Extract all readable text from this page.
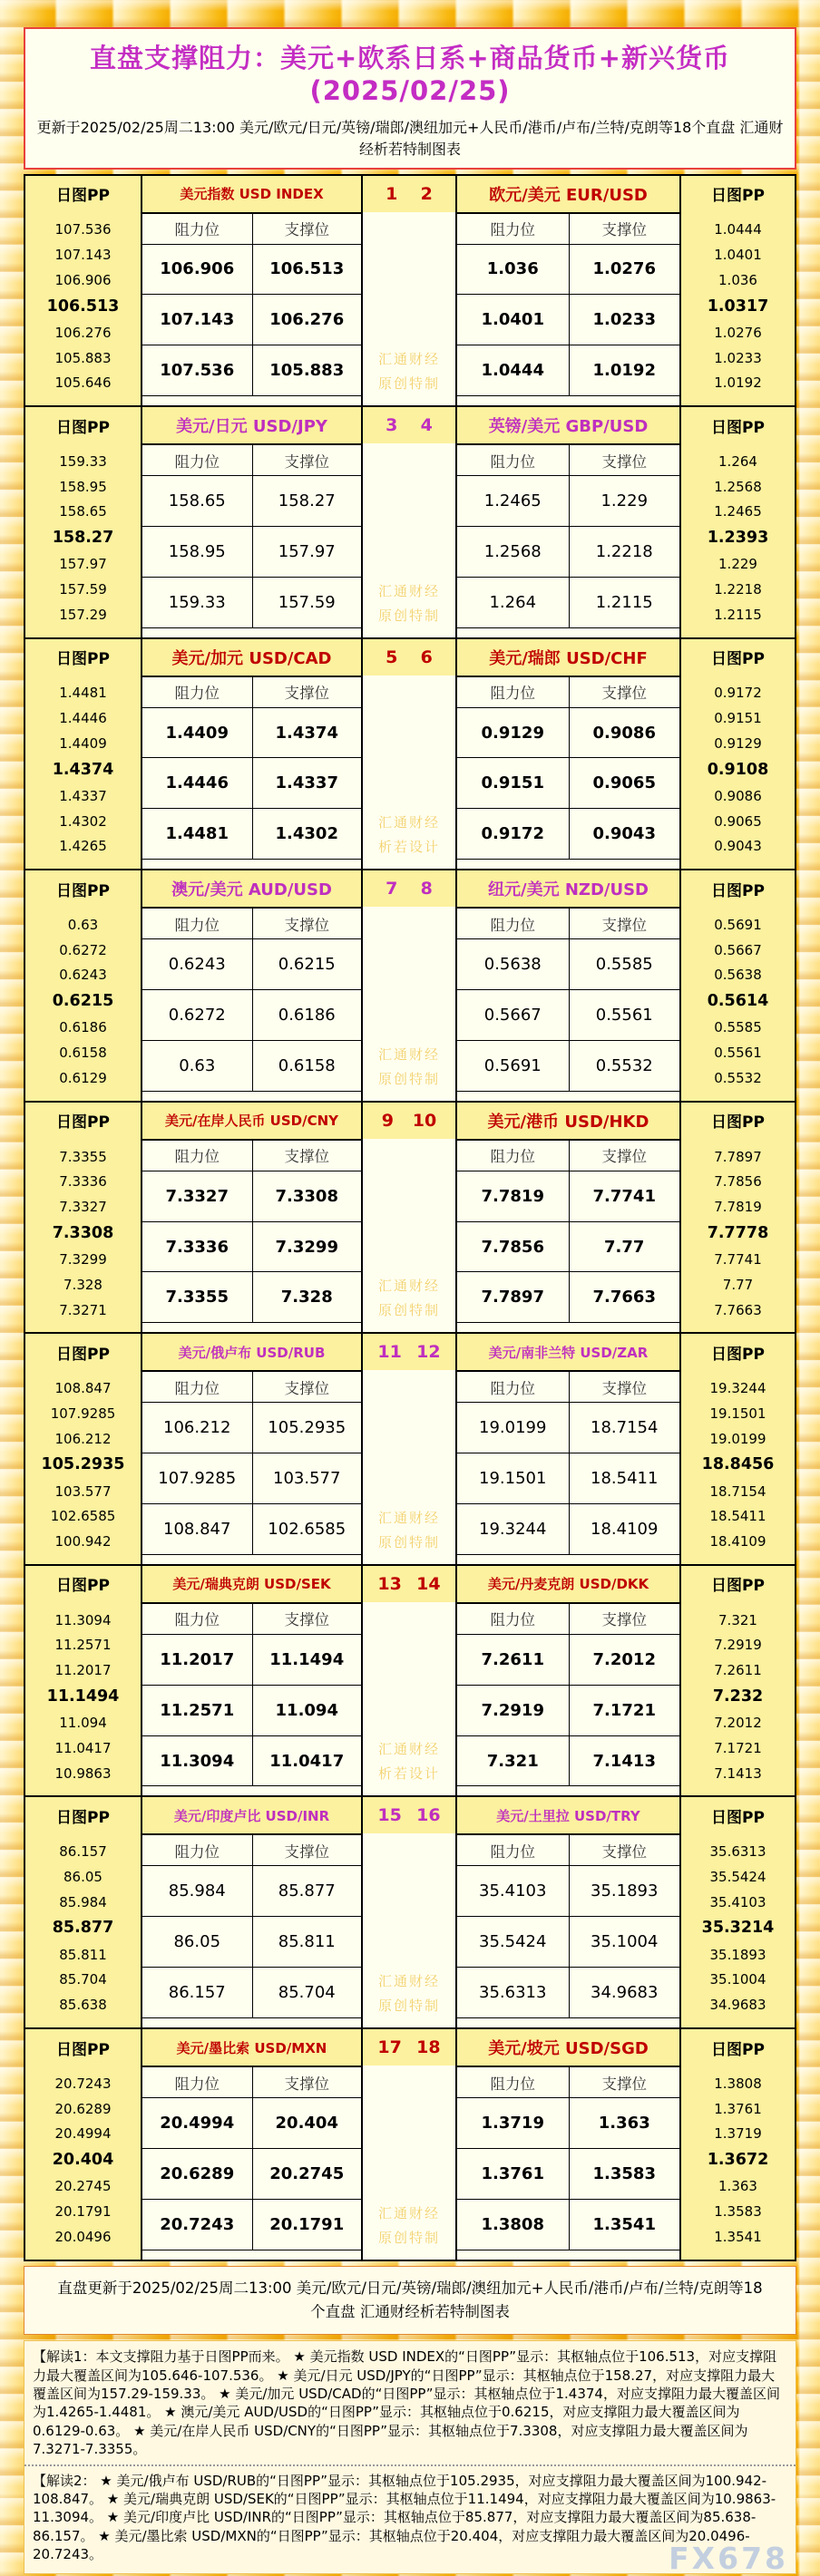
直盘支撑阻力：美元+欧系日系+商品货币+新兴货币(2025/02/25)
更新于2025/02/25周二13:00 美元/欧元/日元/英镑/瑞郎/澳纽加元+人民币/港币/卢布/兰特/克朗等18个直盘 汇通财经析若特制图表
日图PP
107.536
107.143
106.906
106.513
106.276
105.883
105.646
美元指数 USD INDEX
阻力位	支撑位
106.906	106.513
107.143	106.276
107.536	105.883
1 2
汇通财经
原创特制
欧元/美元 EUR/USD
阻力位	支撑位
1.036	1.0276
1.0401	1.0233
1.0444	1.0192
日图PP
1.0444
1.0401
1.036
1.0317
1.0276
1.0233
1.0192
日图PP
159.33
158.95
158.65
158.27
157.97
157.59
157.29
美元/日元 USD/JPY
阻力位	支撑位
158.65	158.27
158.95	157.97
159.33	157.59
3 4
汇通财经
原创特制
英镑/美元 GBP/USD
阻力位	支撑位
1.2465	1.229
1.2568	1.2218
1.264	1.2115
日图PP
1.264
1.2568
1.2465
1.2393
1.229
1.2218
1.2115
日图PP
1.4481
1.4446
1.4409
1.4374
1.4337
1.4302
1.4265
美元/加元 USD/CAD
阻力位	支撑位
1.4409	1.4374
1.4446	1.4337
1.4481	1.4302
5 6
汇通财经
析若设计
美元/瑞郎 USD/CHF
阻力位	支撑位
0.9129	0.9086
0.9151	0.9065
0.9172	0.9043
日图PP
0.9172
0.9151
0.9129
0.9108
0.9086
0.9065
0.9043
日图PP
0.63
0.6272
0.6243
0.6215
0.6186
0.6158
0.6129
澳元/美元 AUD/USD
阻力位	支撑位
0.6243	0.6215
0.6272	0.6186
0.63	0.6158
7 8
汇通财经
原创特制
纽元/美元 NZD/USD
阻力位	支撑位
0.5638	0.5585
0.5667	0.5561
0.5691	0.5532
日图PP
0.5691
0.5667
0.5638
0.5614
0.5585
0.5561
0.5532
日图PP
7.3355
7.3336
7.3327
7.3308
7.3299
7.328
7.3271
美元/在岸人民币 USD/CNY
阻力位	支撑位
7.3327	7.3308
7.3336	7.3299
7.3355	7.328
9 10
汇通财经
原创特制
美元/港币 USD/HKD
阻力位	支撑位
7.7819	7.7741
7.7856	7.77
7.7897	7.7663
日图PP
7.7897
7.7856
7.7819
7.7778
7.7741
7.77
7.7663
日图PP
108.847
107.9285
106.212
105.2935
103.577
102.6585
100.942
美元/俄卢布 USD/RUB
阻力位	支撑位
106.212	105.2935
107.9285	103.577
108.847	102.6585
11 12
汇通财经
原创特制
美元/南非兰特 USD/ZAR
阻力位	支撑位
19.0199	18.7154
19.1501	18.5411
19.3244	18.4109
日图PP
19.3244
19.1501
19.0199
18.8456
18.7154
18.5411
18.4109
日图PP
11.3094
11.2571
11.2017
11.1494
11.094
11.0417
10.9863
美元/瑞典克朗 USD/SEK
阻力位	支撑位
11.2017	11.1494
11.2571	11.094
11.3094	11.0417
13 14
汇通财经
析若设计
美元/丹麦克朗 USD/DKK
阻力位	支撑位
7.2611	7.2012
7.2919	7.1721
7.321	7.1413
日图PP
7.321
7.2919
7.2611
7.232
7.2012
7.1721
7.1413
日图PP
86.157
86.05
85.984
85.877
85.811
85.704
85.638
美元/印度卢比 USD/INR
阻力位	支撑位
85.984	85.877
86.05	85.811
86.157	85.704
15 16
汇通财经
原创特制
美元/土里拉 USD/TRY
阻力位	支撑位
35.4103	35.1893
35.5424	35.1004
35.6313	34.9683
日图PP
35.6313
35.5424
35.4103
35.3214
35.1893
35.1004
34.9683
日图PP
20.7243
20.6289
20.4994
20.404
20.2745
20.1791
20.0496
美元/墨比索 USD/MXN
阻力位	支撑位
20.4994	20.404
20.6289	20.2745
20.7243	20.1791
17 18
汇通财经
原创特制
美元/坡元 USD/SGD
阻力位	支撑位
1.3719	1.363
1.3761	1.3583
1.3808	1.3541
日图PP
1.3808
1.3761
1.3719
1.3672
1.363
1.3583
1.3541
直盘更新于2025/02/25周二13:00 美元/欧元/日元/英镑/瑞郎/澳纽加元+人民币/港币/卢布/兰特/克朗等18个直盘 汇通财经析若特制图表
【解读1：本文支撑阻力基于日图PP而来。 ★ 美元指数 USD INDEX的“日图PP”显示：其枢轴点位于106.513，对应支撑阻力最大覆盖区间为105.646-107.536。 ★ 美元/日元 USD/JPY的“日图PP”显示：其枢轴点位于158.27，对应支撑阻力最大覆盖区间为157.29-159.33。 ★ 美元/加元 USD/CAD的“日图PP”显示：其枢轴点位于1.4374，对应支撑阻力最大覆盖区间为1.4265-1.4481。 ★ 澳元/美元 AUD/USD的“日图PP”显示：其枢轴点位于0.6215，对应支撑阻力最大覆盖区间为0.6129-0.63。 ★ 美元/在岸人民币 USD/CNY的“日图PP”显示：其枢轴点位于7.3308，对应支撑阻力最大覆盖区间为7.3271-7.3355。
【解读2： ★ 美元/俄卢布 USD/RUB的“日图PP”显示：其枢轴点位于105.2935，对应支撑阻力最大覆盖区间为100.942-108.847。 ★ 美元/瑞典克朗 USD/SEK的“日图PP”显示：其枢轴点位于11.1494，对应支撑阻力最大覆盖区间为10.9863-11.3094。 ★ 美元/印度卢比 USD/INR的“日图PP”显示：其枢轴点位于85.877，对应支撑阻力最大覆盖区间为85.638-86.157。 ★ 美元/墨比索 USD/MXN的“日图PP”显示：其枢轴点位于20.404，对应支撑阻力最大覆盖区间为20.0496-20.7243。	FX678
